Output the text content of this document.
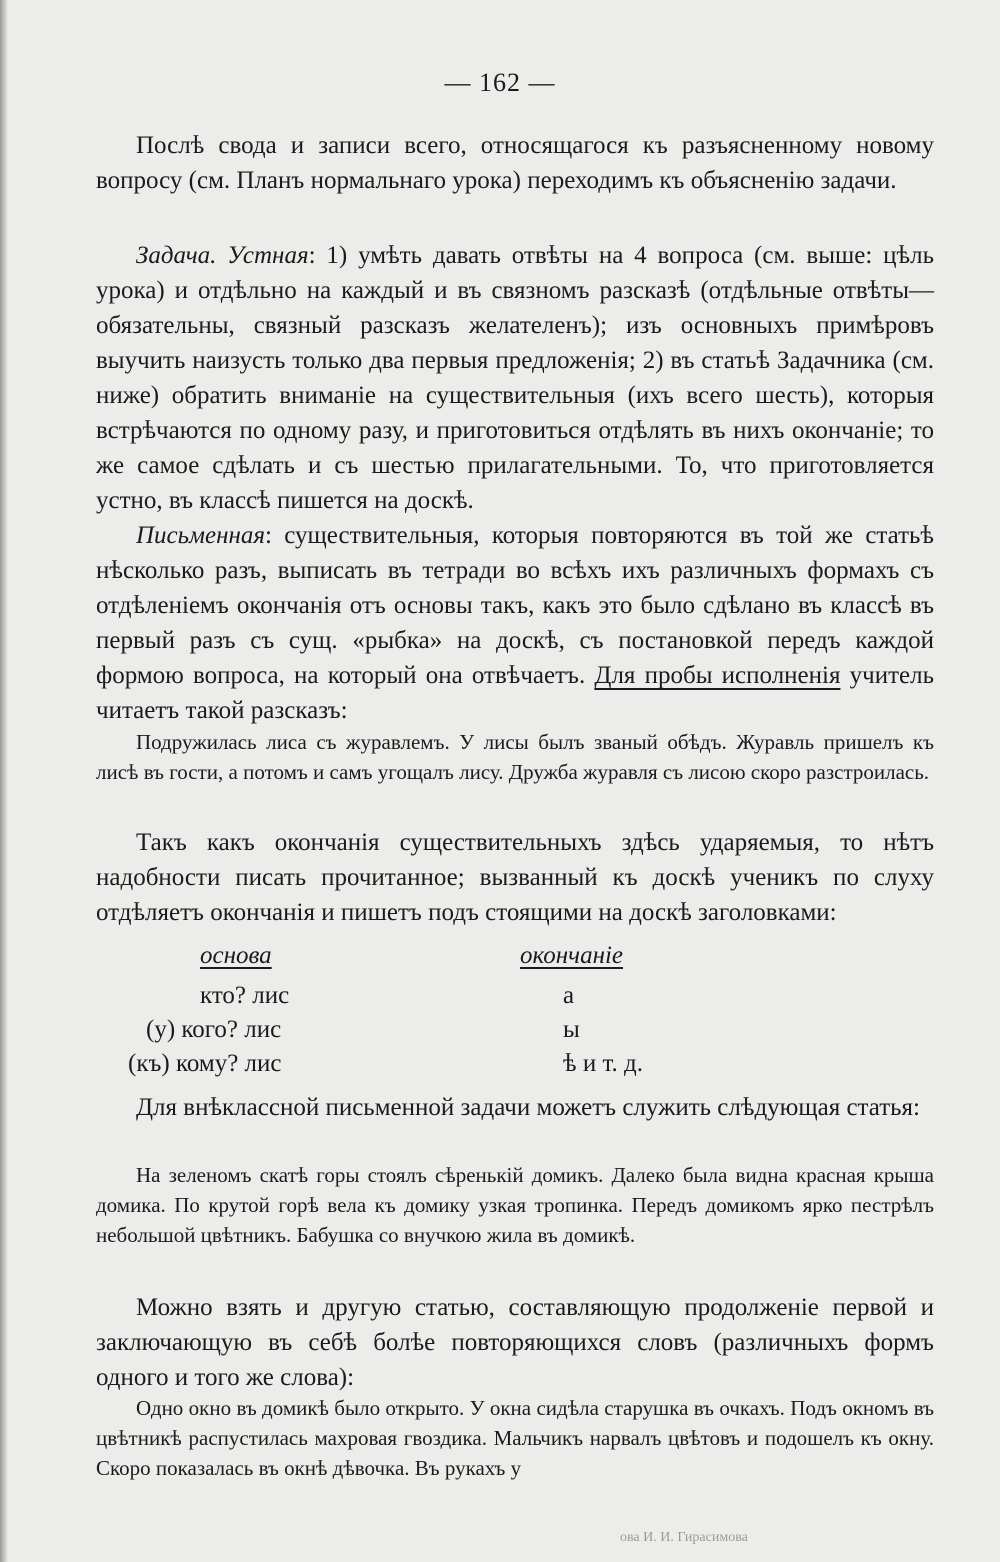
— 162 —

Послѣ свода и записи всего, относящагося къ разъясненному новому вопросу (см. Планъ нормальнаго урока) переходимъ къ объясненію задачи.

Задача. Устная: 1) умѣть давать отвѣты на 4 вопроса (см. выше: цѣль урока) и отдѣльно на каждый и въ связномъ разсказѣ (отдѣльные отвѣты—обязательны, связный разсказъ желателенъ); изъ основныхъ примѣровъ выучить наизусть только два первыя предложенія; 2) въ статьѣ Задачника (см. ниже) обратить вниманіе на существительныя (ихъ всего шесть), которыя встрѣчаются по одному разу, и приготовиться отдѣлять въ нихъ окончаніе; то же самое сдѣлать и съ шестью прилагательными. То, что приготовляется устно, въ классѣ пишется на доскѣ.

Письменная: существительныя, которыя повторяются въ той же статьѣ нѣсколько разъ, выписать въ тетради во всѣхъ ихъ различныхъ формахъ съ отдѣленіемъ окончанія отъ основы такъ, какъ это было сдѣлано въ классѣ въ первый разъ съ сущ. «рыбка» на доскѣ, съ постановкой передъ каждой формою вопроса, на который она отвѣчаетъ. Для пробы исполненія учитель читаетъ такой разсказъ:

Подружилась лиса съ журавлемъ. У лисы былъ званый обѣдъ. Журавль пришелъ къ лисѣ въ гости, а потомъ и самъ угощалъ лису. Дружба журавля съ лисою скоро разстроилась.

Такъ какъ окончанія существительныхъ здѣсь ударяемыя, то нѣтъ надобности писать прочитанное; вызванный къ доскѣ ученикъ по слуху отдѣляетъ окончанія и пишетъ подъ стоящими на доскѣ заголовками:

основа	окончаніе
кто? лис	а
(у) кого? лис	ы
(къ) кому? лис	ѣ и т. д.

Для внѣклассной письменной задачи можетъ служить слѣдующая статья:

На зеленомъ скатѣ горы стоялъ сѣренькій домикъ. Далеко была видна красная крыша домика. По крутой горѣ вела къ домику узкая тропинка. Передъ домикомъ ярко пестрѣлъ небольшой цвѣтникъ. Бабушка со внучкою жила въ домикѣ.

Можно взять и другую статью, составляющую продолженіе первой и заключающую въ себѣ болѣе повторяющихся словъ (различныхъ формъ одного и того же слова):

Одно окно въ домикѣ было открыто. У окна сидѣла старушка въ очкахъ. Подъ окномъ въ цвѣтникѣ распустилась махровая гвоздика. Мальчикъ нарвалъ цвѣтовъ и подошелъ къ окну. Скоро показалась въ окнѣ дѣвочка. Въ рукахъ у

ова И. И. Гирасимова
